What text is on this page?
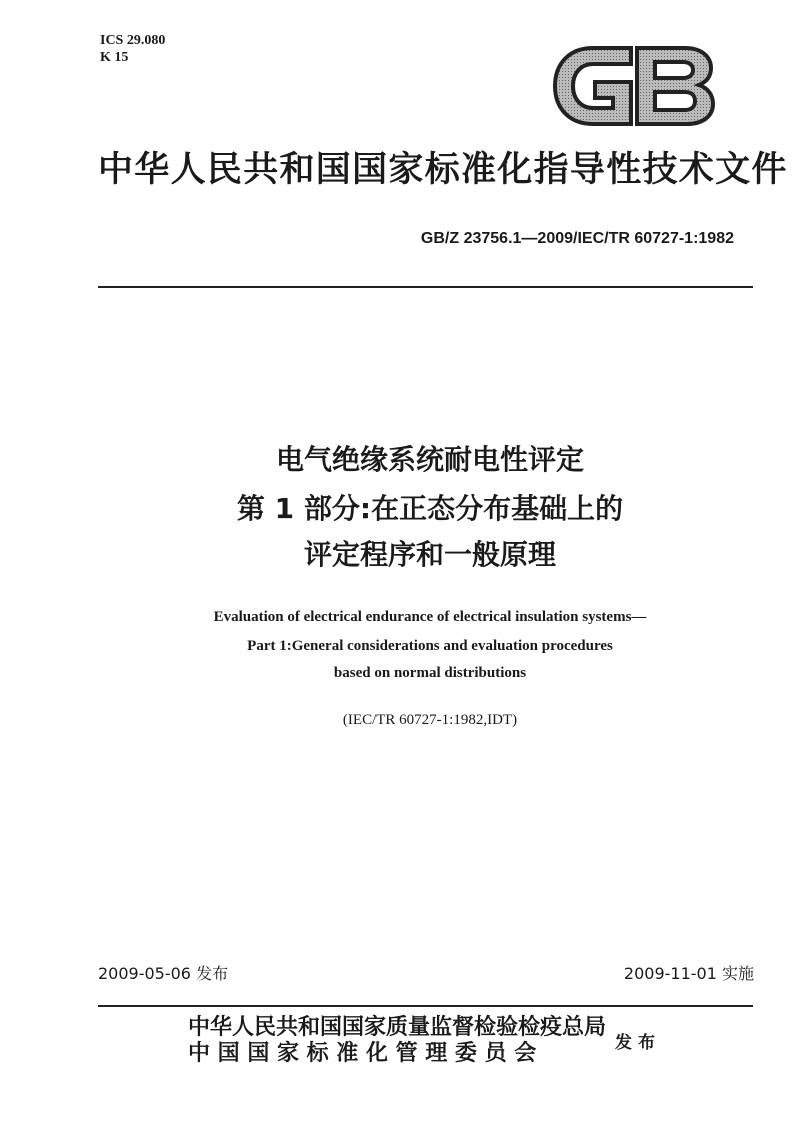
ICS 29.080
K 15
中华人民共和国国家标准化指导性技术文件
GB/Z 23756.1—2009/IEC/TR 60727-1:1982
电气绝缘系统耐电性评定
第 1 部分:在正态分布基础上的
评定程序和一般原理
Evaluation of electrical endurance of electrical insulation systems—
Part 1:General considerations and evaluation procedures
based on normal distributions
(IEC/TR 60727-1:1982,IDT)
2009-05-06 发布	2009-11-01 实施
中华人民共和国国家质量监督检验检疫总局
中 国 国 家 标 准 化 管 理 委 员 会	发布
